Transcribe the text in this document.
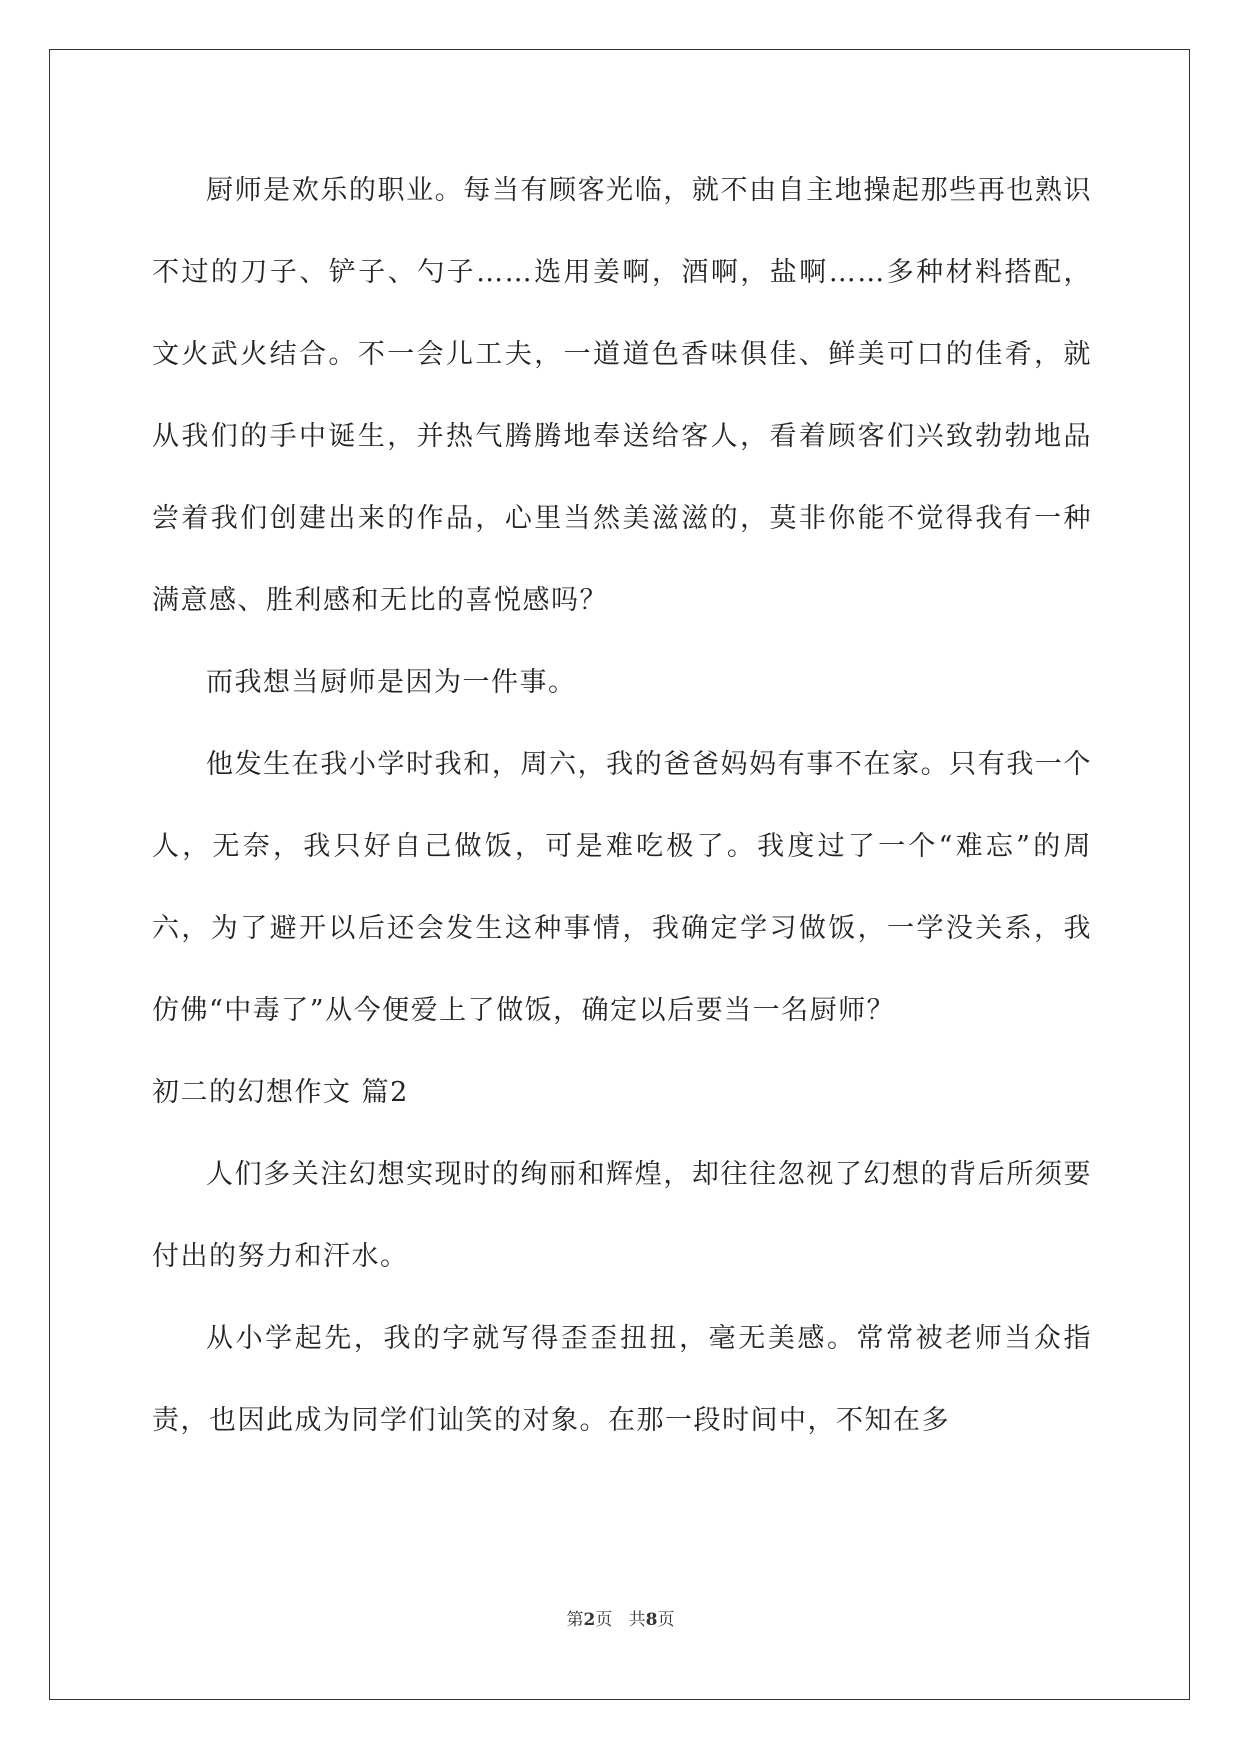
厨师是欢乐的职业。每当有顾客光临，就不由自主地操起那些再也熟识不过的刀子、铲子、勺子……选用姜啊，酒啊，盐啊……多种材料搭配，文火武火结合。不一会儿工夫，一道道色香味俱佳、鲜美可口的佳肴，就从我们的手中诞生，并热气腾腾地奉送给客人，看着顾客们兴致勃勃地品尝着我们创建出来的作品，心里当然美滋滋的，莫非你能不觉得我有一种满意感、胜利感和无比的喜悦感吗？

而我想当厨师是因为一件事。

他发生在我小学时我和，周六，我的爸爸妈妈有事不在家。只有我一个人，无奈，我只好自己做饭，可是难吃极了。我度过了一个“难忘”的周六，为了避开以后还会发生这种事情，我确定学习做饭，一学没关系，我仿佛“中毒了”从今便爱上了做饭，确定以后要当一名厨师？

初二的幻想作文 篇2

人们多关注幻想实现时的绚丽和辉煌，却往往忽视了幻想的背后所须要付出的努力和汗水。

从小学起先，我的字就写得歪歪扭扭，毫无美感。常常被老师当众指责，也因此成为同学们讪笑的对象。在那一段时间中，不知在多

第2页 共8页
